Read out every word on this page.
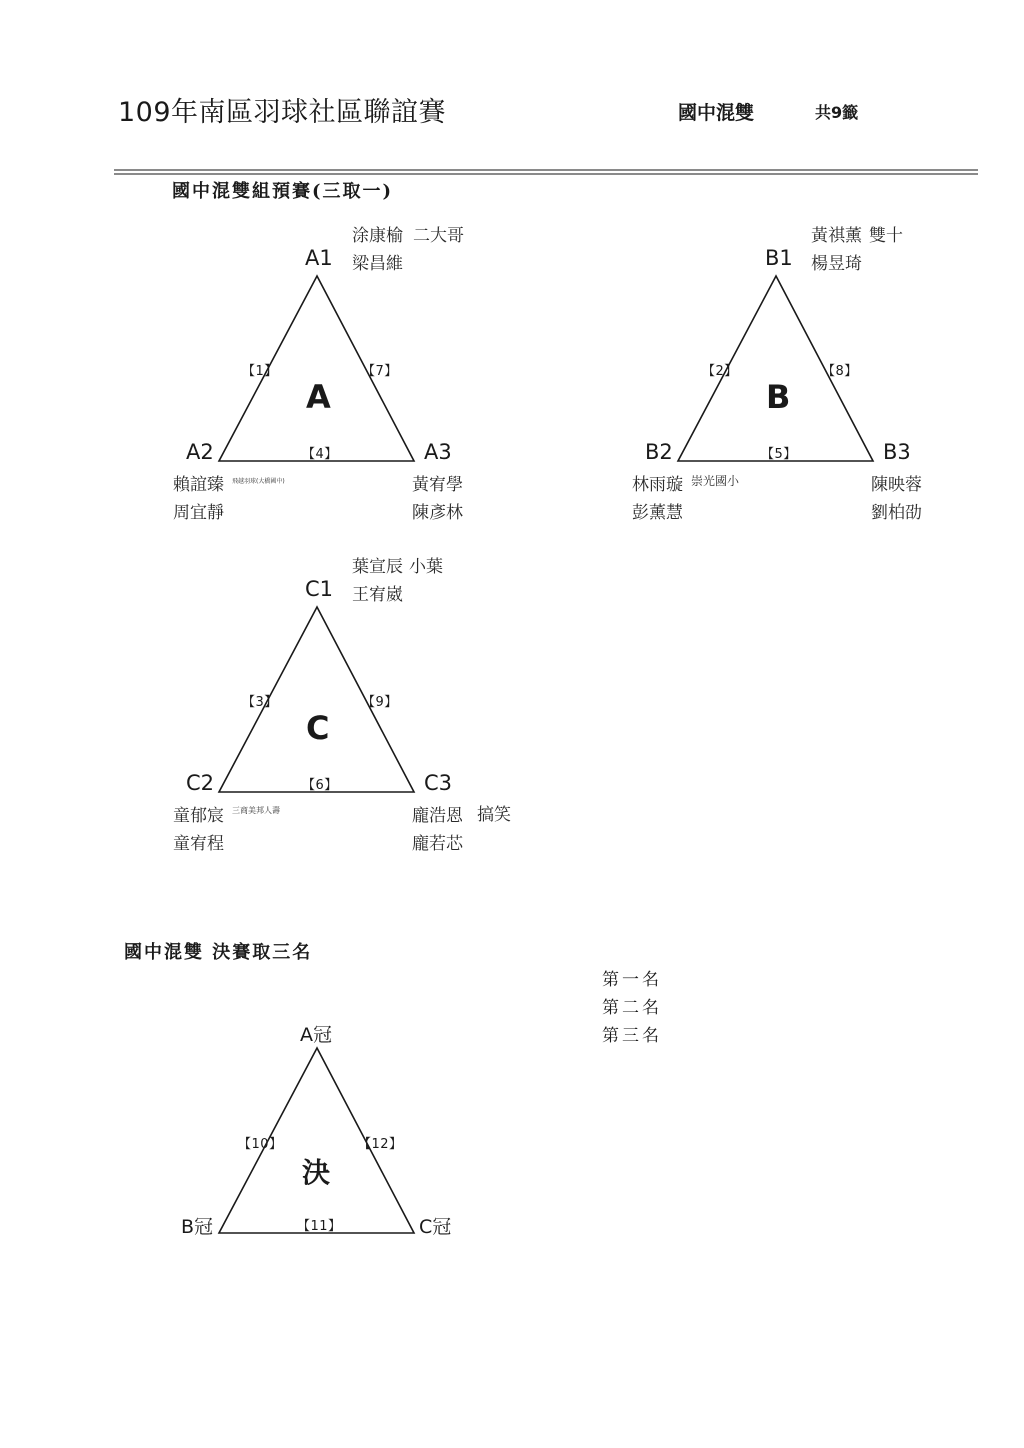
109年南區羽球社區聯誼賽	國中混雙	共9籤
國中混雙組預賽(三取一)
涂康榆 二大哥
A1 梁昌維
【1】	【7】
A
A2	【4】	A3
賴誼臻 飛越羽球(大橋國中)
周宜靜
黃宥學
陳彥林
黃祺薰 雙十
B1 楊昱琦
【2】	【8】
B
B2	【5】	B3
林雨璇 崇光國小
彭薰慧
陳映蓉
劉柏劭
葉宣辰 小葉
C1 王宥崴
【3】	【9】
C
C2	【6】	C3
童郁宸 三商美邦人壽
童宥程
龐浩恩 搞笑
龐若芯
國中混雙 決賽取三名
第一名
第二名
第三名
A冠
【10】	【12】
決
B冠	【11】	C冠
